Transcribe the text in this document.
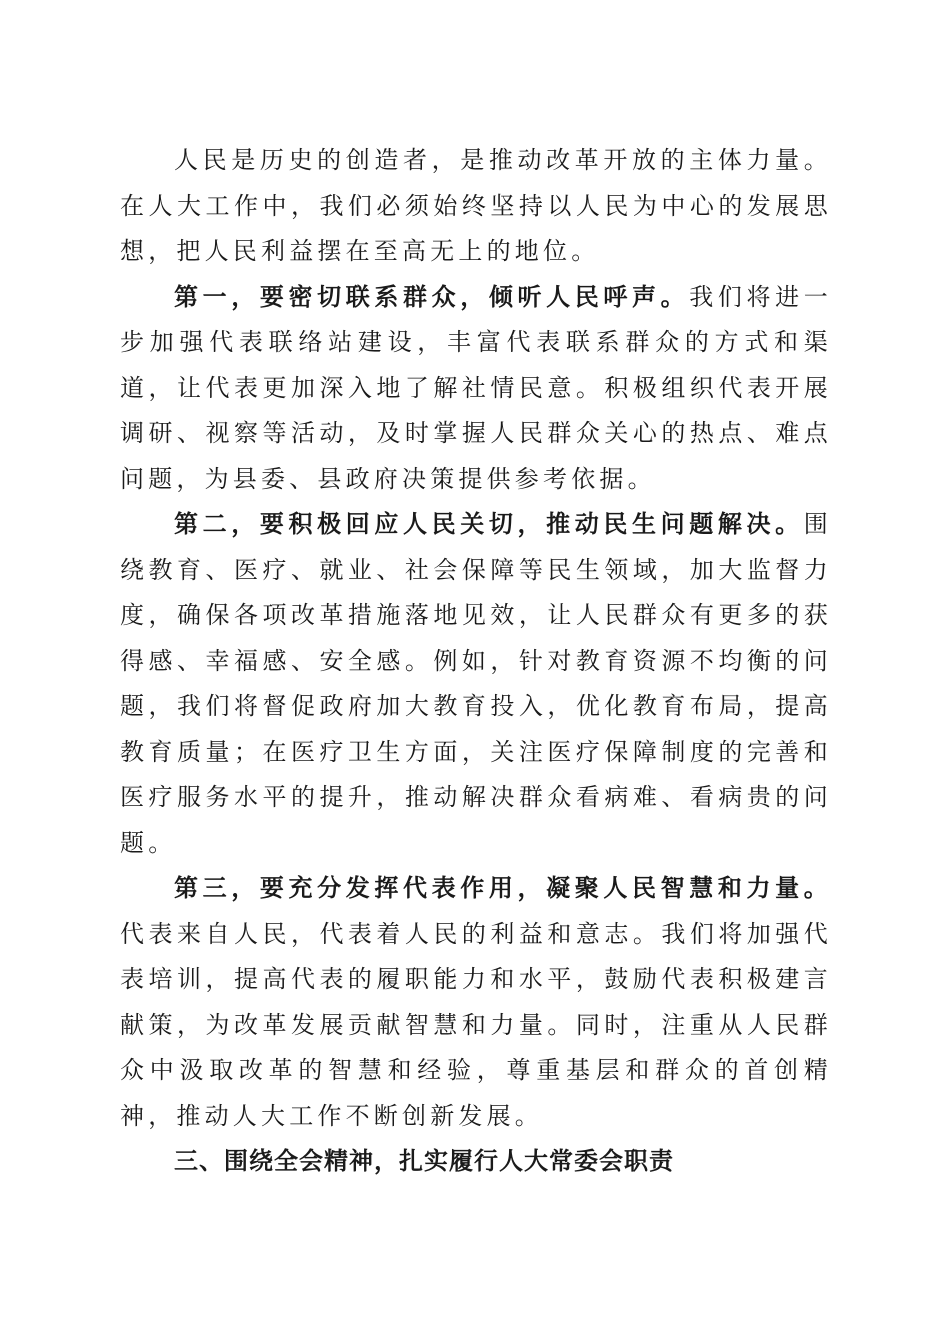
人民是历史的创造者，是推动改革开放的主体力量。在人大工作中，我们必须始终坚持以人民为中心的发展思想，把人民利益摆在至高无上的地位。

第一，要密切联系群众，倾听人民呼声。我们将进一步加强代表联络站建设，丰富代表联系群众的方式和渠道，让代表更加深入地了解社情民意。积极组织代表开展调研、视察等活动，及时掌握人民群众关心的热点、难点问题，为县委、县政府决策提供参考依据。

第二，要积极回应人民关切，推动民生问题解决。围绕教育、医疗、就业、社会保障等民生领域，加大监督力度，确保各项改革措施落地见效，让人民群众有更多的获得感、幸福感、安全感。例如，针对教育资源不均衡的问题，我们将督促政府加大教育投入，优化教育布局，提高教育质量；在医疗卫生方面，关注医疗保障制度的完善和医疗服务水平的提升，推动解决群众看病难、看病贵的问题。

第三，要充分发挥代表作用，凝聚人民智慧和力量。代表来自人民，代表着人民的利益和意志。我们将加强代表培训，提高代表的履职能力和水平，鼓励代表积极建言献策，为改革发展贡献智慧和力量。同时，注重从人民群众中汲取改革的智慧和经验，尊重基层和群众的首创精神，推动人大工作不断创新发展。

三、围绕全会精神，扎实履行人大常委会职责
